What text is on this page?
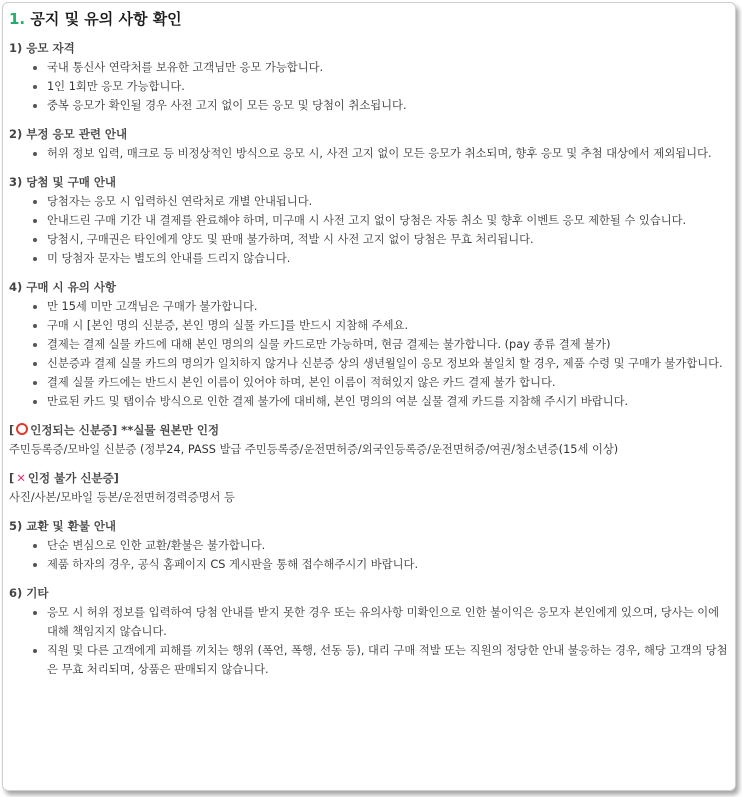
1. 공지 및 유의 사항 확인

1) 응모 자격

국내 통신사 연락처를 보유한 고객님만 응모 가능합니다.
1인 1회만 응모 가능합니다.
중복 응모가 확인될 경우 사전 고지 없이 모든 응모 및 당첨이 취소됩니다.

2) 부정 응모 관련 안내

허위 정보 입력, 매크로 등 비정상적인 방식으로 응모 시, 사전 고지 없이 모든 응모가 취소되며, 향후 응모 및 추첨 대상에서 제외됩니다.

3) 당첨 및 구매 안내

당첨자는 응모 시 입력하신 연락처로 개별 안내됩니다.
안내드린 구매 기간 내 결제를 완료해야 하며, 미구매 시 사전 고지 없이 당첨은 자동 취소 및 향후 이벤트 응모 제한될 수 있습니다.
당첨시, 구매권은 타인에게 양도 및 판매 불가하며, 적발 시 사전 고지 없이 당첨은 무효 처리됩니다.
미 당첨자 문자는 별도의 안내를 드리지 않습니다.

4) 구매 시 유의 사항

만 15세 미만 고객님은 구매가 불가합니다.
구매 시 [본인 명의 신분증, 본인 명의 실물 카드]를 반드시 지참해 주세요.
결제는 결제 실물 카드에 대해 본인 명의의 실물 카드로만 가능하며, 현금 결제는 불가합니다. (pay 종류 결제 불가)
신분증과 결제 실물 카드의 명의가 일치하지 않거나 신분증 상의 생년월일이 응모 정보와 불일치 할 경우, 제품 수령 및 구매가 불가합니다.
결제 실물 카드에는 반드시 본인 이름이 있어야 하며, 본인 이름이 적혀있지 않은 카드 결제 불가 합니다.
만료된 카드 및 탭이슈 방식으로 인한 결제 불가에 대비해, 본인 명의의 여분 실물 결제 카드를 지참해 주시기 바랍니다.
[ 인정되는 신분증] **실물 원본만 인정

주민등록증/모바일 신분증 (정부24, PASS 발급 주민등록증/운전면허증/외국인등록증/운전면허증/여권/청소년증(15세 이상)

[ ✕ 인정 불가 신분증]

사진/사본/모바일 등본/운전면허경력증명서 등

5) 교환 및 환불 안내

단순 변심으로 인한 교환/환불은 불가합니다.
제품 하자의 경우, 공식 홈페이지 CS 게시판을 통해 접수해주시기 바랍니다.

6) 기타

응모 시 허위 정보를 입력하여 당첨 안내를 받지 못한 경우 또는 유의사항 미확인으로 인한 불이익은 응모자 본인에게 있으며, 당사는 이에 대해 책임지지 않습니다.
직원 및 다른 고객에게 피해를 끼치는 행위 (폭언, 폭행, 선동 등), 대리 구매 적발 또는 직원의 정당한 안내 불응하는 경우, 해당 고객의 당첨은 무효 처리되며, 상품은 판매되지 않습니다.
